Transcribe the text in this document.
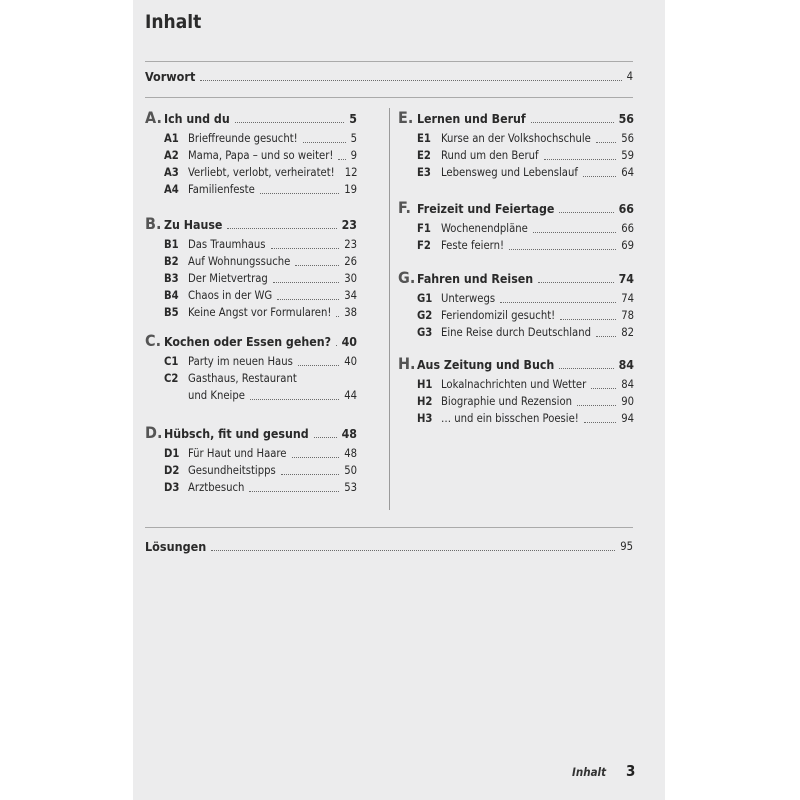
Inhalt
Vorwort	4
A. Ich und du	5
A1 Brieffreunde gesucht!	5
A2 Mama, Papa – und so weiter! 9
A3 Verliebt, verlobt, verheiratet! 12
A4 Familienfeste	19
B. Zu Hause	23
B1 Das Traumhaus	23
B2 Auf Wohnungssuche	26
B3 Der Mietvertrag	30
B4 Chaos in der WG	34
B5 Keine Angst vor Formularen! 38
C. Kochen oder Essen gehen? 40
C1 Party im neuen Haus	40
C2 Gasthaus, Restaurant
und Kneipe	44
D. Hübsch, fit und gesund	48
D1 Für Haut und Haare	48
D2 Gesundheitstipps	50
D3 Arztbesuch	53
E. Lernen und Beruf	56
E1 Kurse an der Volkshochschule	56
E2 Rund um den Beruf	59
E3 Lebensweg und Lebenslauf	64
F. Freizeit und Feiertage	66
F1 Wochenendpläne	66
F2 Feste feiern!	69
G. Fahren und Reisen	74
G1 Unterwegs	74
G2 Feriendomizil gesucht!	78
G3 Eine Reise durch Deutschland	82
H. Aus Zeitung und Buch	84
H1 Lokalnachrichten und Wetter	84
H2 Biographie und Rezension	90
H3 … und ein bisschen Poesie!	94
Lösungen	95
Inhalt 3
